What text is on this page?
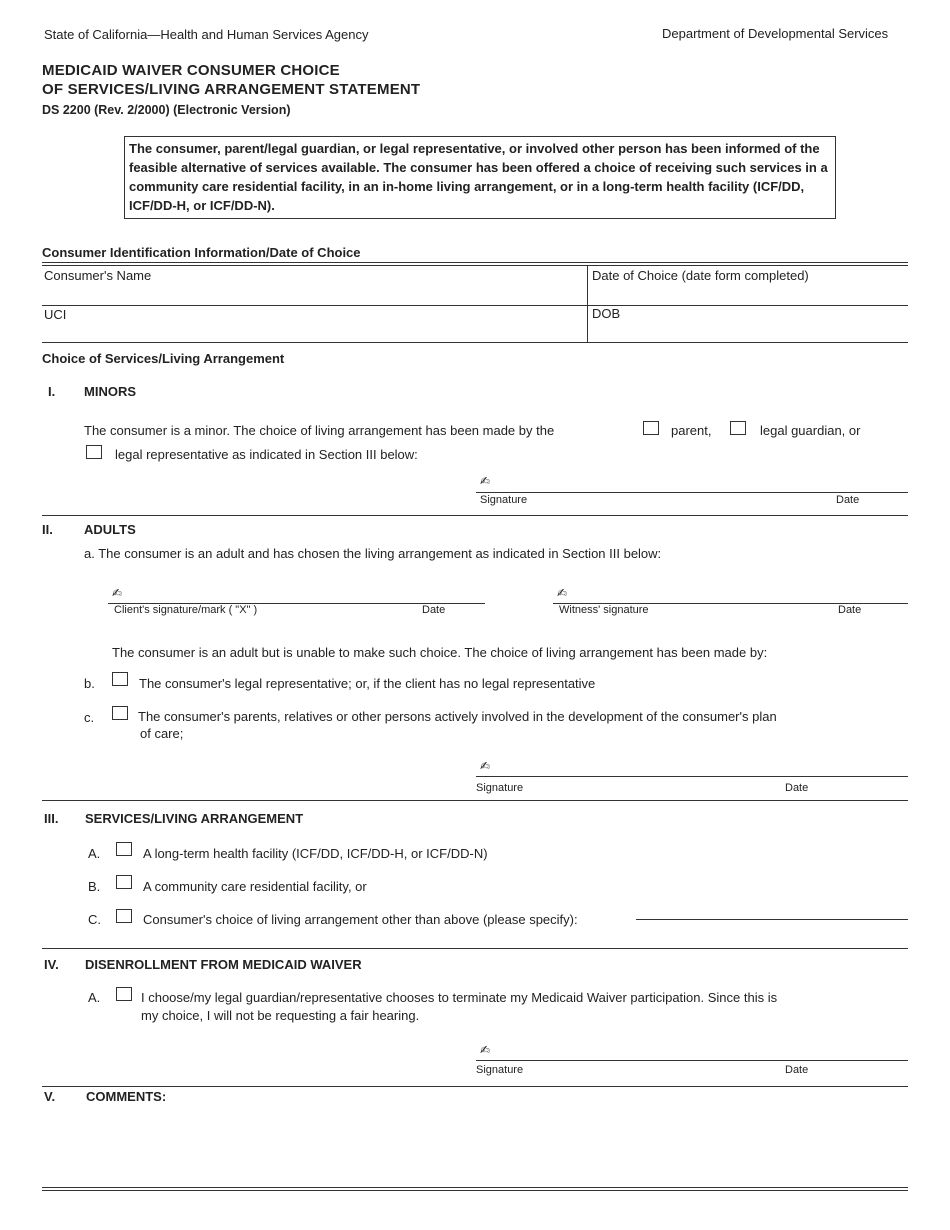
State of California—Health and Human Services Agency	Department of Developmental Services
MEDICAID WAIVER CONSUMER CHOICE
OF SERVICES/LIVING ARRANGEMENT STATEMENT
DS 2200 (Rev. 2/2000) (Electronic Version)
The consumer, parent/legal guardian, or legal representative, or involved other person has been informed of the feasible alternative of services available. The consumer has been offered a choice of receiving such services in a community care residential facility, in an in-home living arrangement, or in a long-term health facility (ICF/DD, ICF/DD-H, or ICF/DD-N).
Consumer Identification Information/Date of Choice
Consumer's Name	Date of Choice (date form completed)
UCI	DOB
Choice of Services/Living Arrangement
I. MINORS
The consumer is a minor. The choice of living arrangement has been made by the	parent,	legal guardian, or
legal representative as indicated in Section III below:
✍
Signature	Date
II. ADULTS
a. The consumer is an adult and has chosen the living arrangement as indicated in Section III below:
✍
Client's signature/mark ( "X" )	Date
✍
Witness' signature	Date
The consumer is an adult but is unable to make such choice. The choice of living arrangement has been made by:
b.	The consumer's legal representative; or, if the client has no legal representative
c.	The consumer's parents, relatives or other persons actively involved in the development of the consumer's plan
of care;
✍
Signature	Date
III. SERVICES/LIVING ARRANGEMENT
A.	A long-term health facility (ICF/DD, ICF/DD-H, or ICF/DD-N)
B.	A community care residential facility, or
C.	Consumer's choice of living arrangement other than above (please specify):
IV. DISENROLLMENT FROM MEDICAID WAIVER
A.	I choose/my legal guardian/representative chooses to terminate my Medicaid Waiver participation. Since this is
my choice, I will not be requesting a fair hearing.
✍
Signature	Date
V. COMMENTS:
